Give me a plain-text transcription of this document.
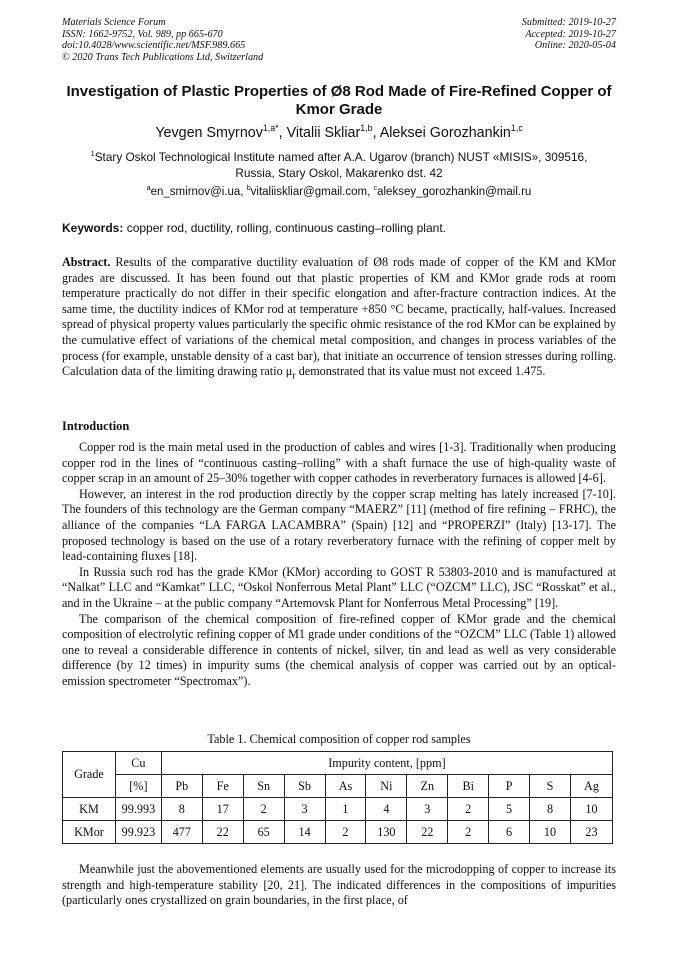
Materials Science Forum
ISSN: 1662-9752, Vol. 989, pp 665-670
doi:10.4028/www.scientific.net/MSF.989.665
© 2020 Trans Tech Publications Ltd, Switzerland
Submitted: 2019-10-27
Accepted: 2019-10-27
Online: 2020-05-04
Investigation of Plastic Properties of Ø8 Rod Made of Fire-Refined Copper of Kmor Grade
Yevgen Smyrnov$^{1,a*}$, Vitalii Skliar$^{1,b}$, Aleksei Gorozhankin$^{1,c}$
$^1$Stary Oskol Technological Institute named after A.A. Ugarov (branch) NUST «MISIS», 309516,
Russia, Stary Oskol, Makarenko dst. 42
$^a$en_smirnov@i.ua, $^b$vitaliiskliar@gmail.com, $^c$aleksey_gorozhankin@mail.ru
Keywords: copper rod, ductility, rolling, continuous casting–rolling plant.
Abstract. Results of the comparative ductility evaluation of Ø8 rods made of copper of the KM and KMor grades are discussed. It has been found out that plastic properties of KM and KMor grade rods at room temperature practically do not differ in their specific elongation and after-fracture contraction indices. At the same time, the ductility indices of KMor rod at temperature +850 °C became, practically, half-values. Increased spread of physical property values particularly the specific ohmic resistance of the rod KMor can be explained by the cumulative effect of variations of the chemical metal composition, and changes in process variables of the process (for example, unstable density of a cast bar), that initiate an occurrence of tension stresses during rolling. Calculation data of the limiting drawing ratio $\mu_r$ demonstrated that its value must not exceed 1.475.
Introduction

Copper rod is the main metal used in the production of cables and wires [1-3]. Traditionally when producing copper rod in the lines of “continuous casting–rolling” with a shaft furnace the use of high-quality waste of copper scrap in an amount of 25–30% together with copper cathodes in reverberatory furnaces is allowed [4-6].

However, an interest in the rod production directly by the copper scrap melting has lately increased [7-10]. The founders of this technology are the German company “MAERZ” [11] (method of fire refining – FRHC), the alliance of the companies “LA FARGA LACAMBRA” (Spain) [12] and “PROPERZI” (Italy) [13-17]. The proposed technology is based on the use of a rotary reverberatory furnace with the refining of copper melt by lead-containing fluxes [18].

In Russia such rod has the grade KMor (KMor) according to GOST R 53803-2010 and is manufactured at “Nalkat” LLC and “Kamkat” LLC, “Oskol Nonferrous Metal Plant” LLC (“OZCM” LLC), JSC “Rosskat” et al., and in the Ukraine – at the public company “Artemovsk Plant for Nonferrous Metal Processing” [19].

The comparison of the chemical composition of fire-refined copper of KMor grade and the chemical composition of electrolytic refining copper of M1 grade under conditions of the “OZCM” LLC (Table 1) allowed one to reveal a considerable difference in contents of nickel, silver, tin and lead as well as very considerable difference (by 12 times) in impurity sums (the chemical analysis of copper was carried out by an optical-emission spectrometer “Spectromax”).

Table 1. Chemical composition of copper rod samples
Grade	Cu	Impurity content, [ppm]										
	[%]	Pb	Fe	Sn	Sb	As	Ni	Zn	Bi	P	S	Ag
KM	99.993	8	17	2	3	1	4	3	2	5	8	10
KMor	99.923	477	22	65	14	2	130	22	2	6	10	23

Meanwhile just the abovementioned elements are usually used for the microdopping of copper to increase its strength and high-temperature stability [20, 21]. The indicated differences in the compositions of impurities (particularly ones crystallized on grain boundaries, in the first place, of
